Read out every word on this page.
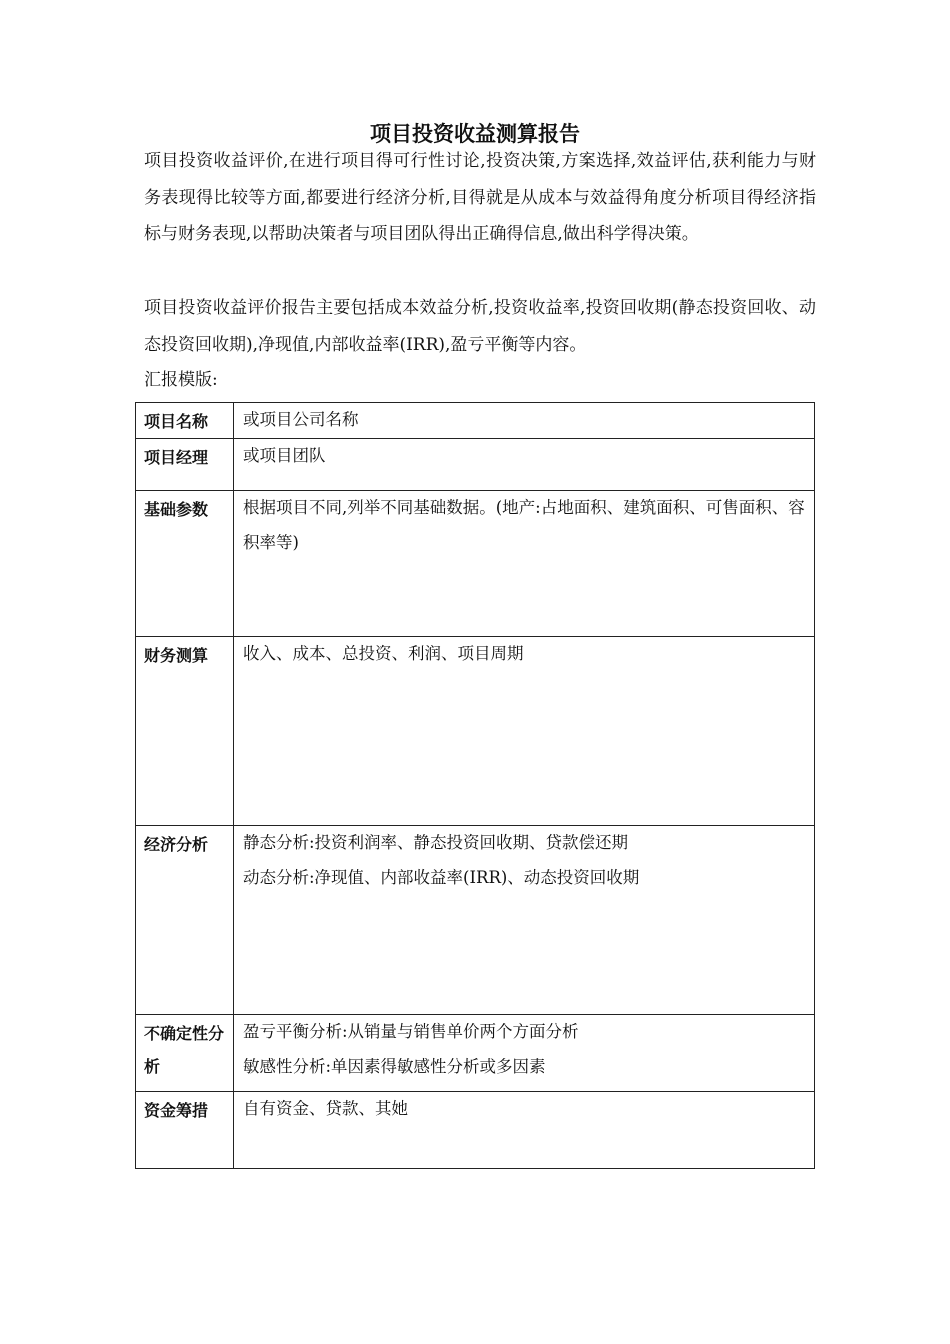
项目投资收益测算报告
项目投资收益评价,在进行项目得可行性讨论,投资决策,方案选择,效益评估,获利能力与财务表现得比较等方面,都要进行经济分析,目得就是从成本与效益得角度分析项目得经济指标与财务表现,以帮助决策者与项目团队得出正确得信息,做出科学得决策。
项目投资收益评价报告主要包括成本效益分析,投资收益率,投资回收期(静态投资回收、动态投资回收期),净现值,内部收益率(IRR),盈亏平衡等内容。
汇报模版:
项目名称	或项目公司名称

项目经理	或项目团队

基础参数	根据项目不同,列举不同基础数据。(地产:占地面积、建筑面积、可售面积、容积率等)

财务测算	收入、成本、总投资、利润、项目周期

经济分析	静态分析:投资利润率、静态投资回收期、贷款偿还期
动态分析:净现值、内部收益率(IRR)、动态投资回收期

不确定性分析	盈亏平衡分析:从销量与销售单价两个方面分析
敏感性分析:单因素得敏感性分析或多因素

资金筹措	自有资金、贷款、其她
